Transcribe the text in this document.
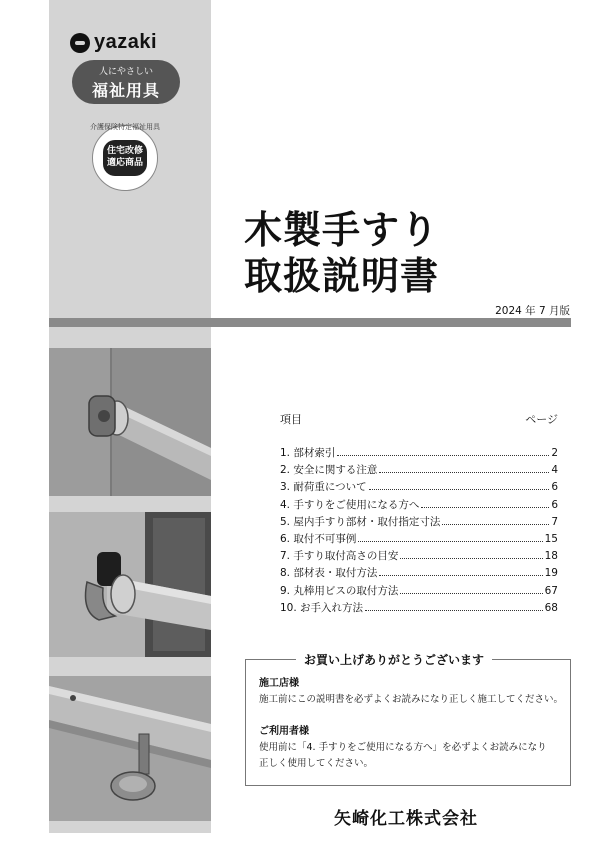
yazaki
人にやさしい
福祉用具
介護保険特定福祉用具
住宅改修
適応商品
木製手すり
取扱説明書
2024 年 7 月版
項目	ページ
1. 部材索引	2
2. 安全に関する注意	4
3. 耐荷重について	6
4. 手すりをご使用になる方へ	6
5. 屋内手すり部材・取付指定寸法	7
6. 取付不可事例	15
7. 手すり取付高さの目安	18
8. 部材表・取付方法	19
9. 丸棒用ビスの取付方法	67
10. お手入れ方法	68
お買い上げありがとうございます
施工店様
施工前にこの説明書を必ずよくお読みになり正しく施工してください。
ご利用者様
使用前に「4. 手すりをご使用になる方へ」を必ずよくお読みになり
正しく使用してください。
矢崎化工株式会社
